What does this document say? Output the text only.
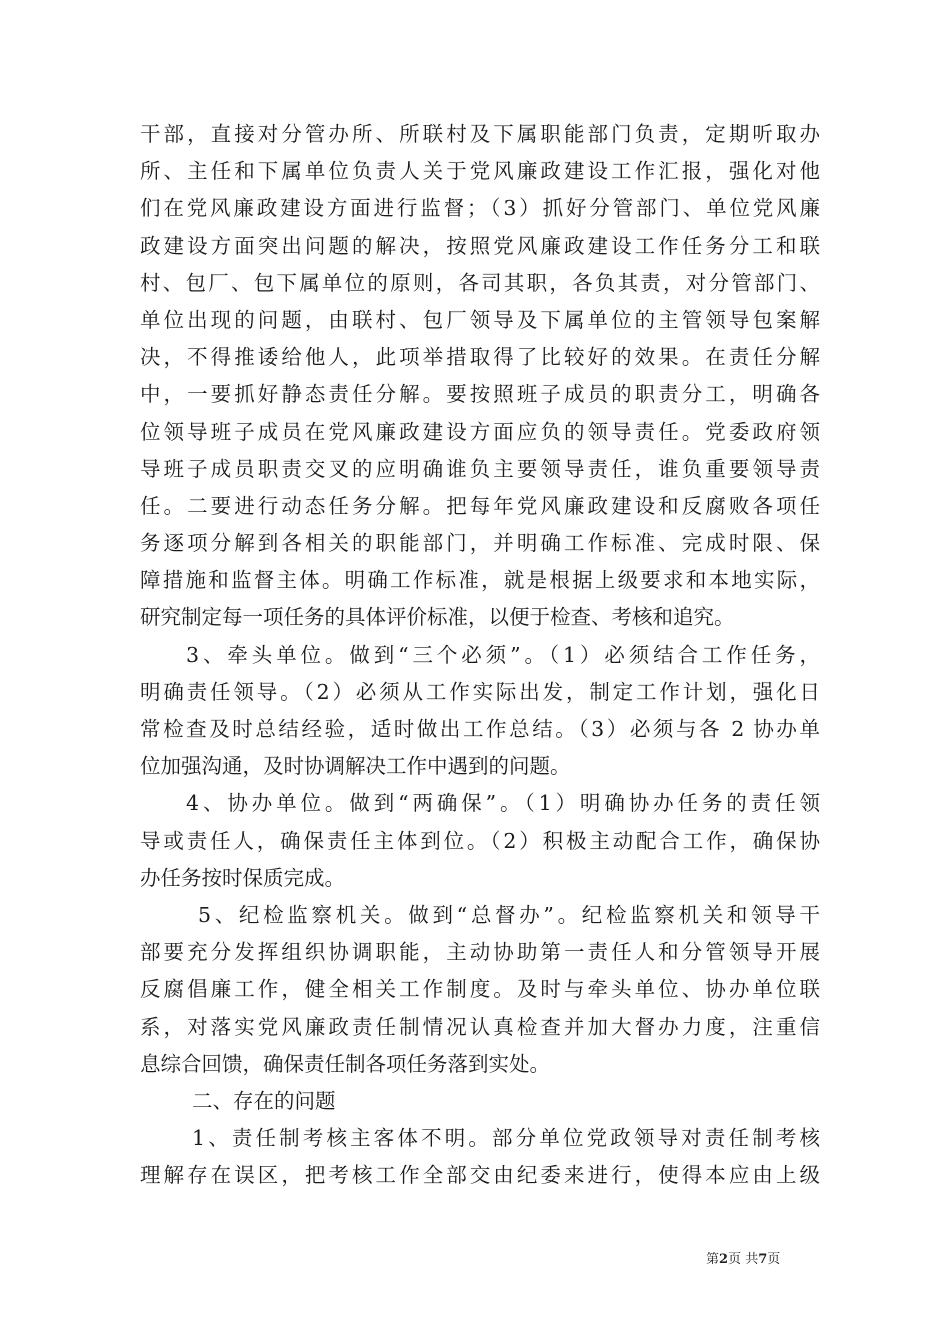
干部，直接对分管办所、所联村及下属职能部门负责，定期听取办
所、主任和下属单位负责人关于党风廉政建设工作汇报，强化对他
们在党风廉政建设方面进行监督；（3）抓好分管部门、单位党风廉
政建设方面突出问题的解决，按照党风廉政建设工作任务分工和联
村、包厂、包下属单位的原则，各司其职，各负其责，对分管部门、
单位出现的问题，由联村、包厂领导及下属单位的主管领导包案解
决，不得推诿给他人，此项举措取得了比较好的效果。在责任分解
中，一要抓好静态责任分解。要按照班子成员的职责分工，明确各
位领导班子成员在党风廉政建设方面应负的领导责任。党委政府领
导班子成员职责交叉的应明确谁负主要领导责任，谁负重要领导责
任。二要进行动态任务分解。把每年党风廉政建设和反腐败各项任
务逐项分解到各相关的职能部门，并明确工作标准、完成时限、保
障措施和监督主体。明确工作标准，就是根据上级要求和本地实际，
研究制定每一项任务的具体评价标准，以便于检查、考核和追究。
3、牵头单位。做到“三个必须”。（1）必须结合工作任务，
明确责任领导。（2）必须从工作实际出发，制定工作计划，强化日
常检查及时总结经验，适时做出工作总结。（3）必须与各 2 协办单
位加强沟通，及时协调解决工作中遇到的问题。
4、协办单位。做到“两确保”。（1）明确协办任务的责任领
导或责任人，确保责任主体到位。（2）积极主动配合工作，确保协
办任务按时保质完成。
5、纪检监察机关。做到“总督办”。纪检监察机关和领导干
部要充分发挥组织协调职能，主动协助第一责任人和分管领导开展
反腐倡廉工作，健全相关工作制度。及时与牵头单位、协办单位联
系，对落实党风廉政责任制情况认真检查并加大督办力度，注重信
息综合回馈，确保责任制各项任务落到实处。
二、存在的问题
1、责任制考核主客体不明。部分单位党政领导对责任制考核
理解存在误区，把考核工作全部交由纪委来进行，使得本应由上级
第2页 共7页
